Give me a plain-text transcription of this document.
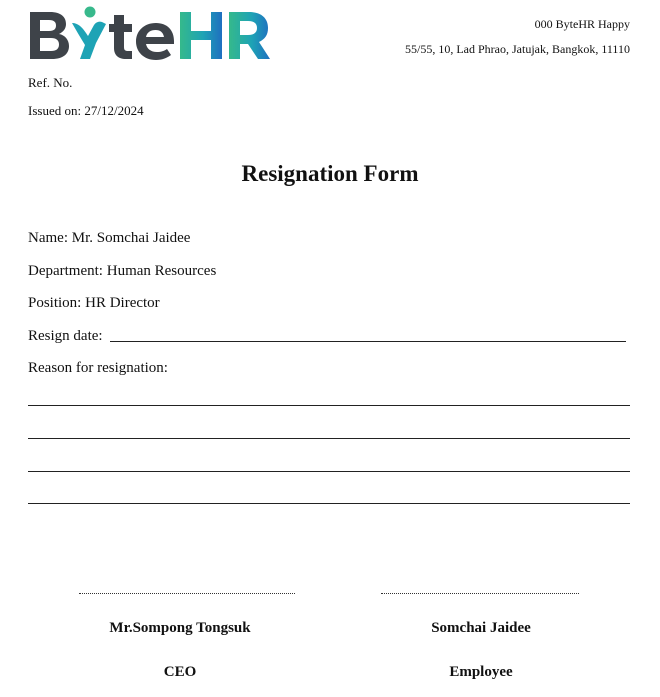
000 ByteHR Happy
55/55, 10, Lad Phrao, Jatujak, Bangkok, 11110
Ref. No.
Issued on: 27/12/2024
Resignation Form
Name: Mr. Somchai Jaidee
Department: Human Resources
Position: HR Director
Resign date:
Reason for resignation:
Mr.Sompong Tongsuk	Somchai Jaidee
CEO	Employee
